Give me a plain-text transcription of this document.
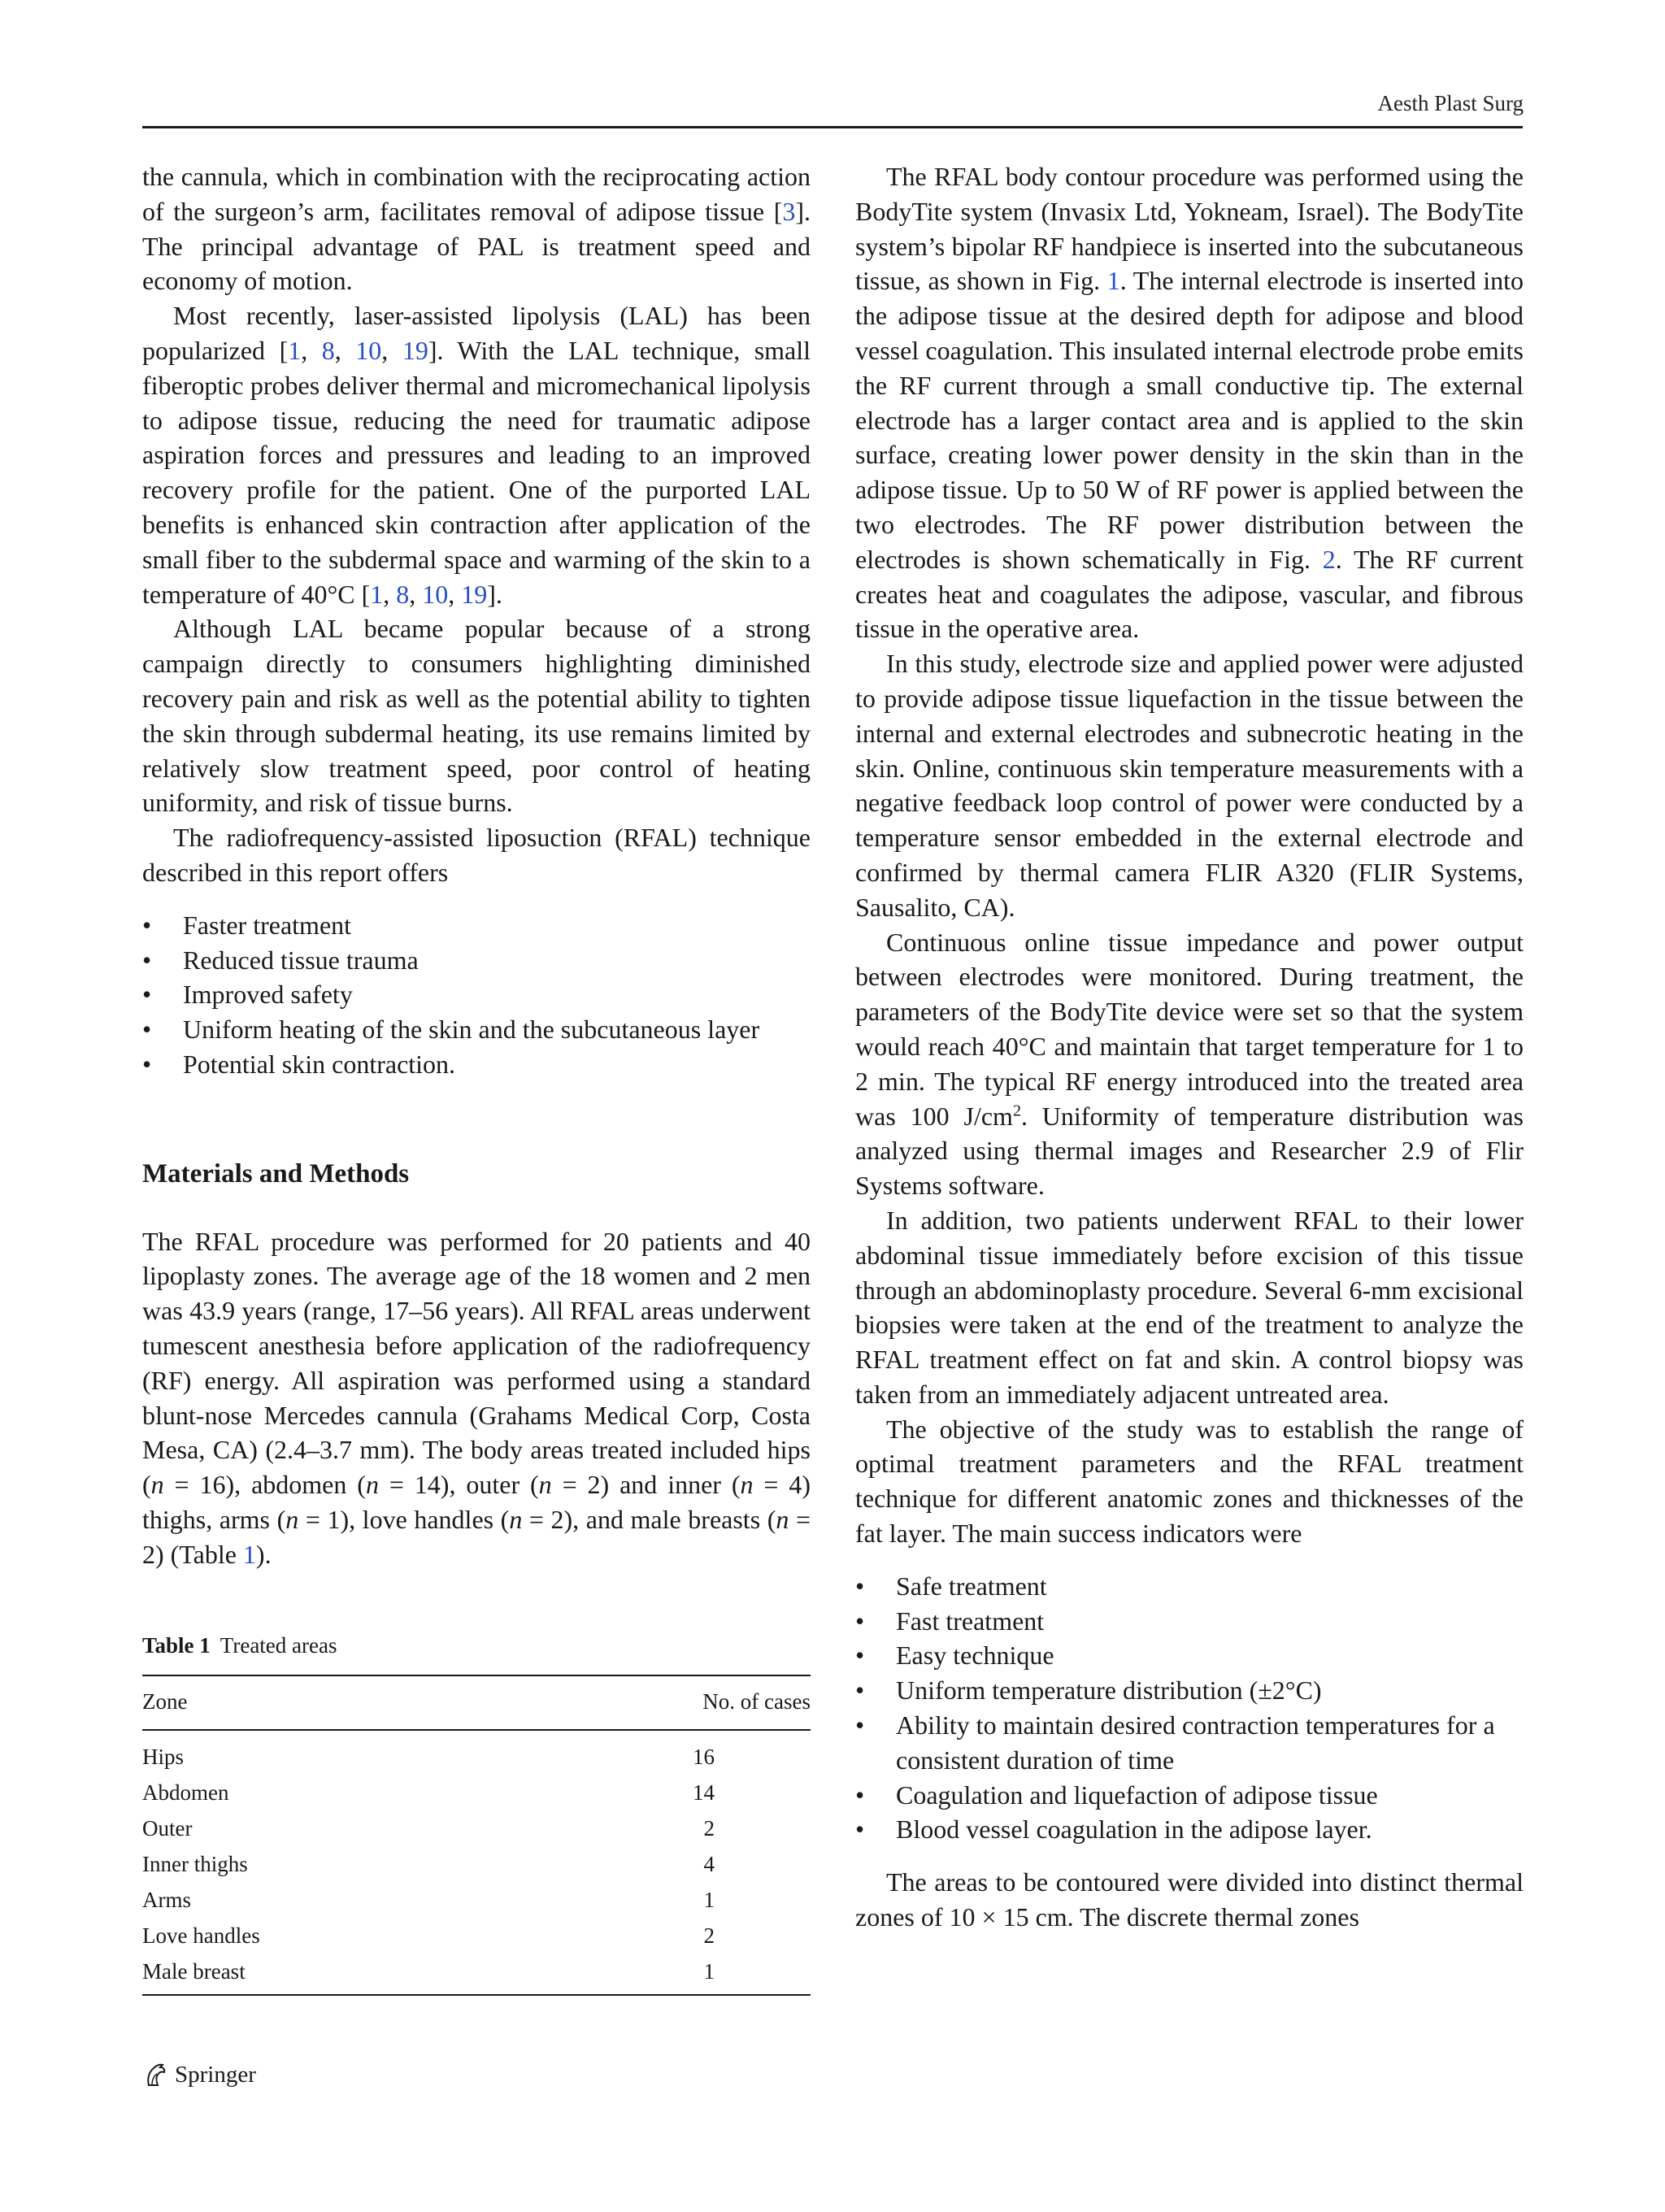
Aesth Plast Surg

the cannula, which in combination with the reciprocating action of the surgeon’s arm, facilitates removal of adipose tissue [3]. The principal advantage of PAL is treatment speed and economy of motion.

Most recently, laser-assisted lipolysis (LAL) has been popularized [1, 8, 10, 19]. With the LAL technique, small fiberoptic probes deliver thermal and micromechanical lipolysis to adipose tissue, reducing the need for traumatic adipose aspiration forces and pressures and leading to an improved recovery profile for the patient. One of the purported LAL benefits is enhanced skin contraction after application of the small fiber to the subdermal space and warming of the skin to a temperature of 40°C [1, 8, 10, 19].

Although LAL became popular because of a strong campaign directly to consumers highlighting diminished recovery pain and risk as well as the potential ability to tighten the skin through subdermal heating, its use remains limited by relatively slow treatment speed, poor control of heating uniformity, and risk of tissue burns.

The radiofrequency-assisted liposuction (RFAL) technique described in this report offers

• Faster treatment
• Reduced tissue trauma
• Improved safety
• Uniform heating of the skin and the subcutaneous layer
• Potential skin contraction.
Materials and Methods

The RFAL procedure was performed for 20 patients and 40 lipoplasty zones. The average age of the 18 women and 2 men was 43.9 years (range, 17–56 years). All RFAL areas underwent tumescent anesthesia before application of the radiofrequency (RF) energy. All aspiration was performed using a standard blunt-nose Mercedes cannula (Grahams Medical Corp, Costa Mesa, CA) (2.4–3.7 mm). The body areas treated included hips (n = 16), abdomen (n = 14), outer (n = 2) and inner (n = 4) thighs, arms (n = 1), love handles (n = 2), and male breasts (n = 2) (Table 1).

Table 1 Treated areas
Zone	No. of cases
Hips	16
Abdomen	14
Outer	2
Inner thighs	4
Arms	1
Love handles	2
Male breast	1

The RFAL body contour procedure was performed using the BodyTite system (Invasix Ltd, Yokneam, Israel). The BodyTite system’s bipolar RF handpiece is inserted into the subcutaneous tissue, as shown in Fig. 1. The internal electrode is inserted into the adipose tissue at the desired depth for adipose and blood vessel coagulation. This insulated internal electrode probe emits the RF current through a small conductive tip. The external electrode has a larger contact area and is applied to the skin surface, creating lower power density in the skin than in the adipose tissue. Up to 50 W of RF power is applied between the two electrodes. The RF power distribution between the electrodes is shown schematically in Fig. 2. The RF current creates heat and coagulates the adipose, vascular, and fibrous tissue in the operative area.

In this study, electrode size and applied power were adjusted to provide adipose tissue liquefaction in the tissue between the internal and external electrodes and subnecrotic heating in the skin. Online, continuous skin temperature measurements with a negative feedback loop control of power were conducted by a temperature sensor embedded in the external electrode and confirmed by thermal camera FLIR A320 (FLIR Systems, Sausalito, CA).

Continuous online tissue impedance and power output between electrodes were monitored. During treatment, the parameters of the BodyTite device were set so that the system would reach 40°C and maintain that target temperature for 1 to 2 min. The typical RF energy introduced into the treated area was 100 $J/cm^2$. Uniformity of temperature distribution was analyzed using thermal images and Researcher 2.9 of Flir Systems software.

In addition, two patients underwent RFAL to their lower abdominal tissue immediately before excision of this tissue through an abdominoplasty procedure. Several 6-mm excisional biopsies were taken at the end of the treatment to analyze the RFAL treatment effect on fat and skin. A control biopsy was taken from an immediately adjacent untreated area.

The objective of the study was to establish the range of optimal treatment parameters and the RFAL treatment technique for different anatomic zones and thicknesses of the fat layer. The main success indicators were

• Safe treatment
• Fast treatment
• Easy technique
• Uniform temperature distribution (±2°C)
• Ability to maintain desired contraction temperatures for a consistent duration of time
• Coagulation and liquefaction of adipose tissue
• Blood vessel coagulation in the adipose layer.

The areas to be contoured were divided into distinct thermal zones of 10 × 15 cm. The discrete thermal zones

Springer
